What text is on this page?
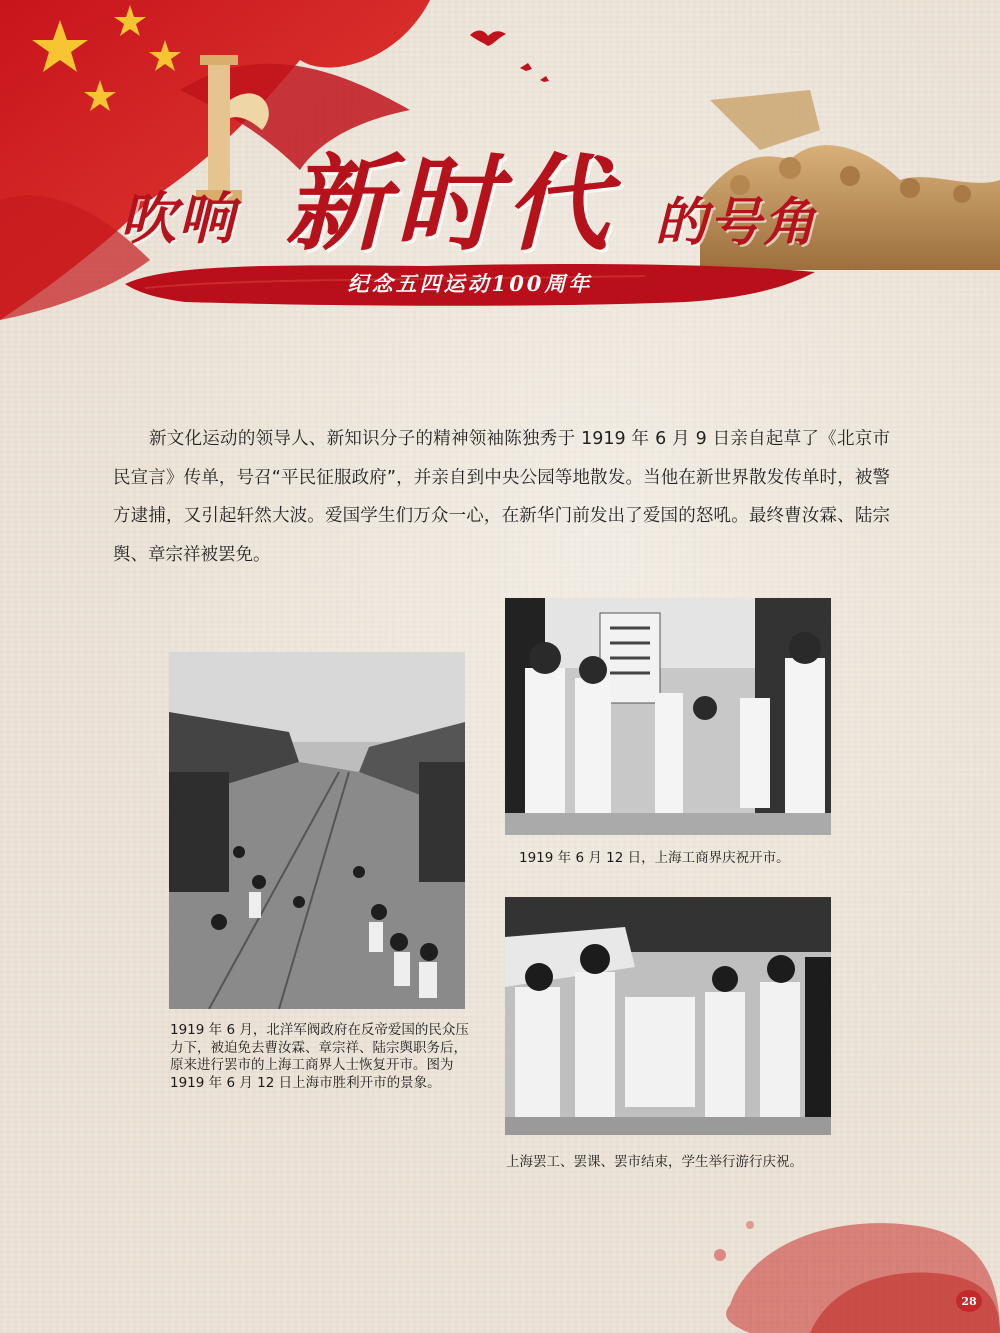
吹响 新时代 的号角
纪念五四运动100周年

新文化运动的领导人、新知识分子的精神领袖陈独秀于 1919 年 6 月 9 日亲自起草了《北京市民宣言》传单，号召“平民征服政府”，并亲自到中央公园等地散发。当他在新世界散发传单时，被警方逮捕，又引起轩然大波。爱国学生们万众一心，在新华门前发出了爱国的怒吼。最终曹汝霖、陆宗舆、章宗祥被罢免。

1919 年 6 月，北洋军阀政府在反帝爱国的民众压力下，被迫免去曹汝霖、章宗祥、陆宗舆职务后，原来进行罢市的上海工商界人士恢复开市。图为 1919 年 6 月 12 日上海市胜利开市的景象。

1919 年 6 月 12 日，上海工商界庆祝开市。

上海罢工、罢课、罢市结束，学生举行游行庆祝。

28
